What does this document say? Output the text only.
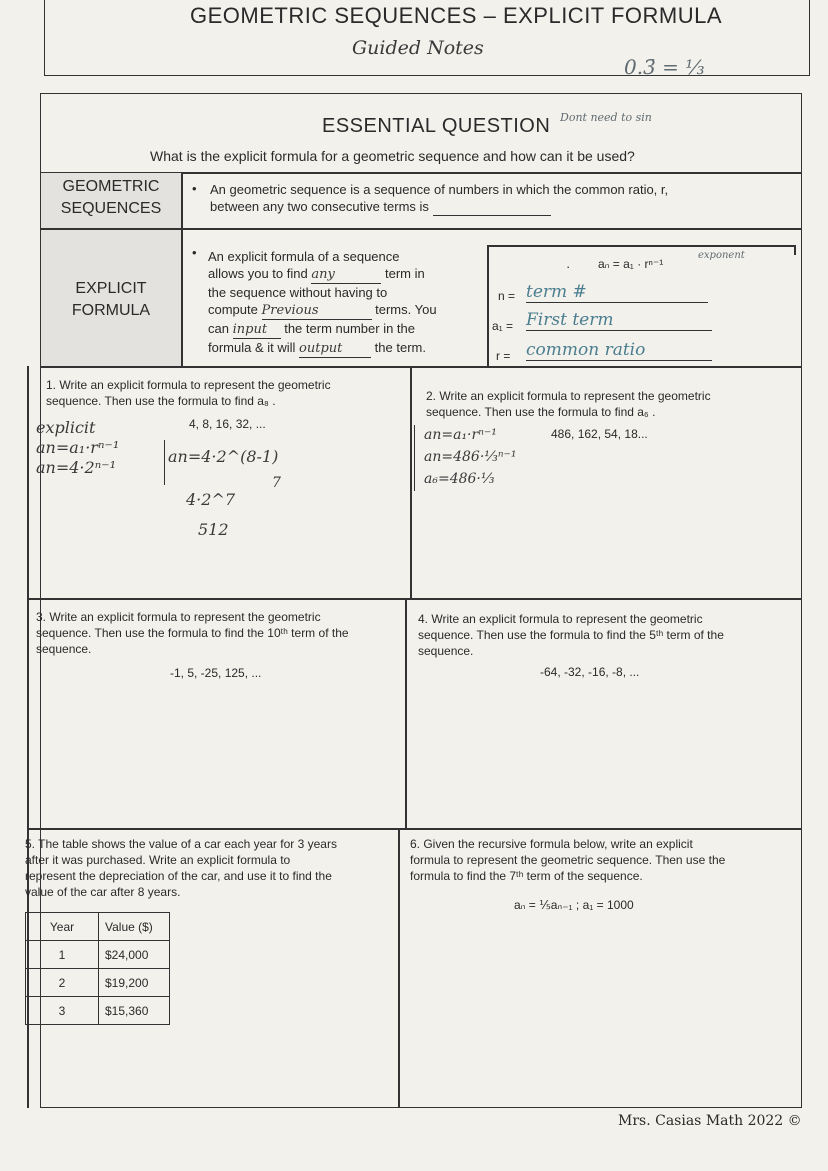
GEOMETRIC SEQUENCES – EXPLICIT FORMULA
Guided Notes
0.3̄ = ⅓
ESSENTIAL QUESTION Dont need to sin
What is the explicit formula for a geometric sequence and how can it be used?
GEOMETRIC
SEQUENCES
• An geometric sequence is a sequence of numbers in which the common ratio, r,
between any two consecutive terms is
EXPLICIT
FORMULA
• An explicit formula of a sequence
allows you to find any	term in
the sequence without having to
compute Previous	terms. You
can input the term number in the
formula & it will output the term.
· aₙ = a₁ · rⁿ⁻¹
exponent
n = term #
a₁ = First term
r = common ratio
1. Write an explicit formula to represent the geometric
sequence. Then use the formula to find a₈ .
4, 8, 16, 32, ...
explicit
an=a₁·rⁿ⁻¹
an=4·2ⁿ⁻¹
an=4·2^(8-1)
7
4·2^7
512
2. Write an explicit formula to represent the geometric
sequence. Then use the formula to find a₆ .
486, 162, 54, 18...
an=a₁·rⁿ⁻¹
an=486·⅓ⁿ⁻¹
a₆=486·⅓
3. Write an explicit formula to represent the geometric
sequence. Then use the formula to find the 10ᵗʰ term of the
sequence.
-1, 5, -25, 125, ...
4. Write an explicit formula to represent the geometric
sequence. Then use the formula to find the 5ᵗʰ term of the
sequence.
-64, -32, -16, -8, ...
5. The table shows the value of a car each year for 3 years
after it was purchased. Write an explicit formula to
represent the depreciation of the car, and use it to find the
value of the car after 8 years.
Year	Value ($)
1	$24,000
2	$19,200
3	$15,360
6. Given the recursive formula below, write an explicit
formula to represent the geometric sequence. Then use the
formula to find the 7ᵗʰ term of the sequence.
aₙ = ⅕aₙ₋₁ ; a₁ = 1000
Mrs. Casias Math 2022 ©
